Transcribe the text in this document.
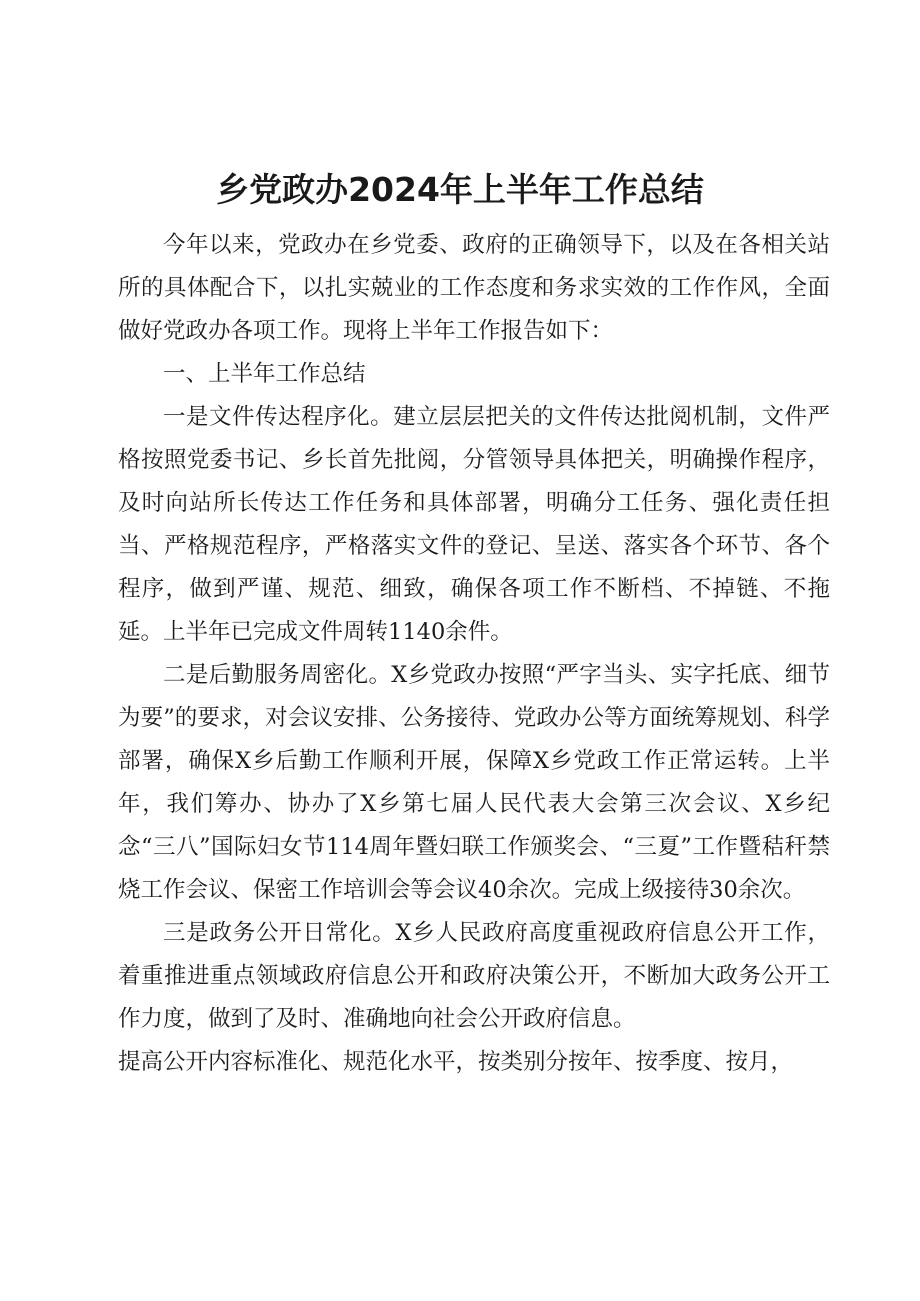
乡党政办2024年上半年工作总结

今年以来，党政办在乡党委、政府的正确领导下，以及在各相关站所的具体配合下，以扎实兢业的工作态度和务求实效的工作作风，全面做好党政办各项工作。现将上半年工作报告如下：

一、上半年工作总结

一是文件传达程序化。建立层层把关的文件传达批阅机制，文件严格按照党委书记、乡长首先批阅，分管领导具体把关，明确操作程序，及时向站所长传达工作任务和具体部署，明确分工任务、强化责任担当、严格规范程序，严格落实文件的登记、呈送、落实各个环节、各个程序，做到严谨、规范、细致，确保各项工作不断档、不掉链、不拖延。上半年已完成文件周转1140余件。

二是后勤服务周密化。X乡党政办按照“严字当头、实字托底、细节为要”的要求，对会议安排、公务接待、党政办公等方面统筹规划、科学部署，确保X乡后勤工作顺利开展，保障X乡党政工作正常运转。上半年，我们筹办、协办了X乡第七届人民代表大会第三次会议、X乡纪念“三八”国际妇女节114周年暨妇联工作颁奖会、“三夏”工作暨秸秆禁烧工作会议、保密工作培训会等会议40余次。完成上级接待30余次。

三是政务公开日常化。X乡人民政府高度重视政府信息公开工作，着重推进重点领域政府信息公开和政府决策公开，不断加大政务公开工作力度，做到了及时、准确地向社会公开政府信息。

提高公开内容标准化、规范化水平，按类别分按年、按季度、按月，
